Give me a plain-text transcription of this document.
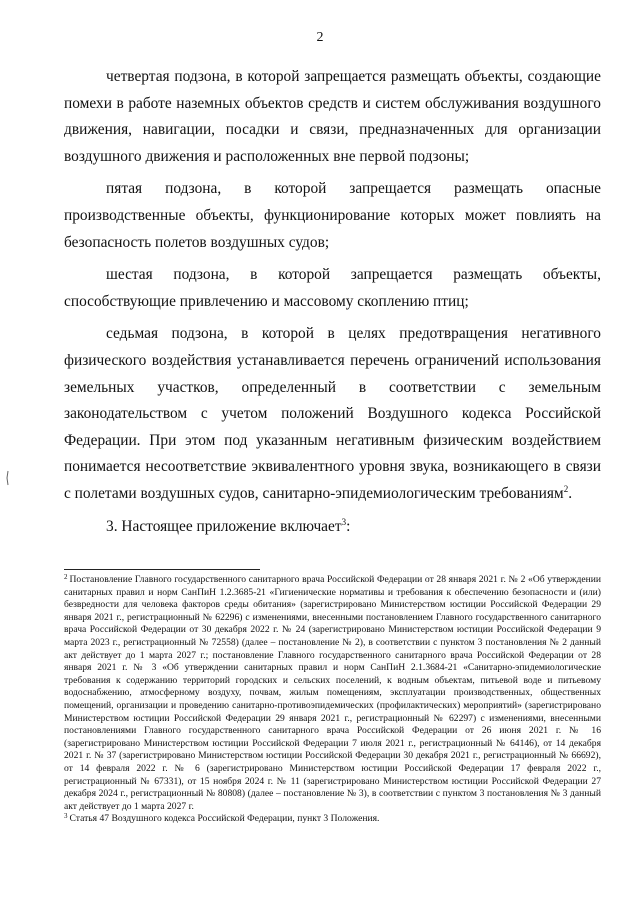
2

четвертая подзона, в которой запрещается размещать объекты, создающие помехи в работе наземных объектов средств и систем обслуживания воздушного движения, навигации, посадки и связи, предназначенных для организации воздушного движения и расположенных вне первой подзоны;

пятая подзона, в которой запрещается размещать опасные производственные объекты, функционирование которых может повлиять на безопасность полетов воздушных судов;

шестая подзона, в которой запрещается размещать объекты, способствующие привлечению и массовому скоплению птиц;

седьмая подзона, в которой в целях предотвращения негативного физического воздействия устанавливается перечень ограничений использования земельных участков, определенный в соответствии с земельным законодательством с учетом положений Воздушного кодекса Российской Федерации. При этом под указанным негативным физическим воздействием понимается несоответствие эквивалентного уровня звука, возникающего в связи с полетами воздушных судов, санитарно-эпидемиологическим требованиям$^2$.

3. Настоящее приложение включает$^3$:

$^2$ Постановление Главного государственного санитарного врача Российской Федерации от 28 января 2021 г. № 2 «Об утверждении санитарных правил и норм СанПиН 1.2.3685-21 «Гигиенические нормативы и требования к обеспечению безопасности и (или) безвредности для человека факторов среды обитания» (зарегистрировано Министерством юстиции Российской Федерации 29 января 2021 г., регистрационный № 62296) с изменениями, внесенными постановлением Главного государственного санитарного врача Российской Федерации от 30 декабря 2022 г. № 24 (зарегистрировано Министерством юстиции Российской Федерации 9 марта 2023 г., регистрационный № 72558) (далее – постановление № 2), в соответствии с пунктом 3 постановления № 2 данный акт действует до 1 марта 2027 г.; постановление Главного государственного санитарного врача Российской Федерации от 28 января 2021 г. № 3 «Об утверждении санитарных правил и норм СанПиН 2.1.3684-21 «Санитарно-эпидемиологические требования к содержанию территорий городских и сельских поселений, к водным объектам, питьевой воде и питьевому водоснабжению, атмосферному воздуху, почвам, жилым помещениям, эксплуатации производственных, общественных помещений, организации и проведению санитарно-противоэпидемических (профилактических) мероприятий» (зарегистрировано Министерством юстиции Российской Федерации 29 января 2021 г., регистрационный № 62297) с изменениями, внесенными постановлениями Главного государственного санитарного врача Российской Федерации от 26 июня 2021 г. № 16 (зарегистрировано Министерством юстиции Российской Федерации 7 июля 2021 г., регистрационный № 64146), от 14 декабря 2021 г. № 37 (зарегистрировано Министерством юстиции Российской Федерации 30 декабря 2021 г., регистрационный № 66692), от 14 февраля 2022 г. № 6 (зарегистрировано Министерством юстиции Российской Федерации 17 февраля 2022 г., регистрационный № 67331), от 15 ноября 2024 г. № 11 (зарегистрировано Министерством юстиции Российской Федерации 27 декабря 2024 г., регистрационный № 80808) (далее – постановление № 3), в соответствии с пунктом 3 постановления № 3 данный акт действует до 1 марта 2027 г.

$^3$ Статья 47 Воздушного кодекса Российской Федерации, пункт 3 Положения.
